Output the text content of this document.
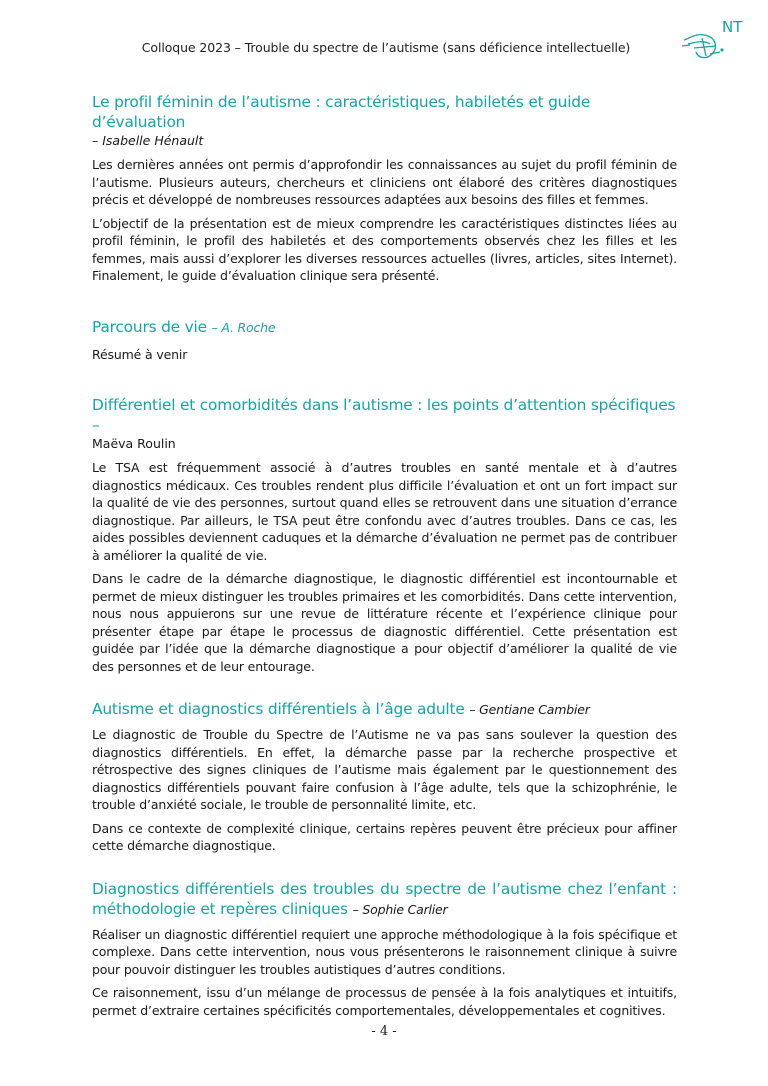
Colloque 2023 – Trouble du spectre de l’autisme (sans déficience intellectuelle)
NT
Le profil féminin de l’autisme : caractéristiques, habiletés et guide d’évaluation
– Isabelle Hénault

Les dernières années ont permis d’approfondir les connaissances au sujet du profil féminin de l’autisme. Plusieurs auteurs, chercheurs et cliniciens ont élaboré des critères diagnostiques précis et développé de nombreuses ressources adaptées aux besoins des filles et femmes.

L’objectif de la présentation est de mieux comprendre les caractéristiques distinctes liées au profil féminin, le profil des habiletés et des comportements observés chez les filles et les femmes, mais aussi d’explorer les diverses ressources actuelles (livres, articles, sites Internet). Finalement, le guide d’évaluation clinique sera présenté.

Parcours de vie – A. Roche

Résumé à venir

Différentiel et comorbidités dans l’autisme : les points d’attention spécifiques –
Maëva Roulin

Le TSA est fréquemment associé à d’autres troubles en santé mentale et à d’autres diagnostics médicaux. Ces troubles rendent plus difficile l’évaluation et ont un fort impact sur la qualité de vie des personnes, surtout quand elles se retrouvent dans une situation d’errance diagnostique. Par ailleurs, le TSA peut être confondu avec d’autres troubles. Dans ce cas, les aides possibles deviennent caduques et la démarche d’évaluation ne permet pas de contribuer à améliorer la qualité de vie.

Dans le cadre de la démarche diagnostique, le diagnostic différentiel est incontournable et permet de mieux distinguer les troubles primaires et les comorbidités. Dans cette intervention, nous nous appuierons sur une revue de littérature récente et l’expérience clinique pour présenter étape par étape le processus de diagnostic différentiel. Cette présentation est guidée par l’idée que la démarche diagnostique a pour objectif d’améliorer la qualité de vie des personnes et de leur entourage.

Autisme et diagnostics différentiels à l’âge adulte – Gentiane Cambier

Le diagnostic de Trouble du Spectre de l’Autisme ne va pas sans soulever la question des diagnostics différentiels. En effet, la démarche passe par la recherche prospective et rétrospective des signes cliniques de l’autisme mais également par le questionnement des diagnostics différentiels pouvant faire confusion à l’âge adulte, tels que la schizophrénie, le trouble d’anxiété sociale, le trouble de personnalité limite, etc.

Dans ce contexte de complexité clinique, certains repères peuvent être précieux pour affiner cette démarche diagnostique.

Diagnostics différentiels des troubles du spectre de l’autisme chez l’enfant : méthodologie et repères cliniques – Sophie Carlier

Réaliser un diagnostic différentiel requiert une approche méthodologique à la fois spécifique et complexe. Dans cette intervention, nous vous présenterons le raisonnement clinique à suivre pour pouvoir distinguer les troubles autistiques d’autres conditions.

Ce raisonnement, issu d’un mélange de processus de pensée à la fois analytiques et intuitifs, permet d’extraire certaines spécificités comportementales, développementales et cognitives.

- 4 -
